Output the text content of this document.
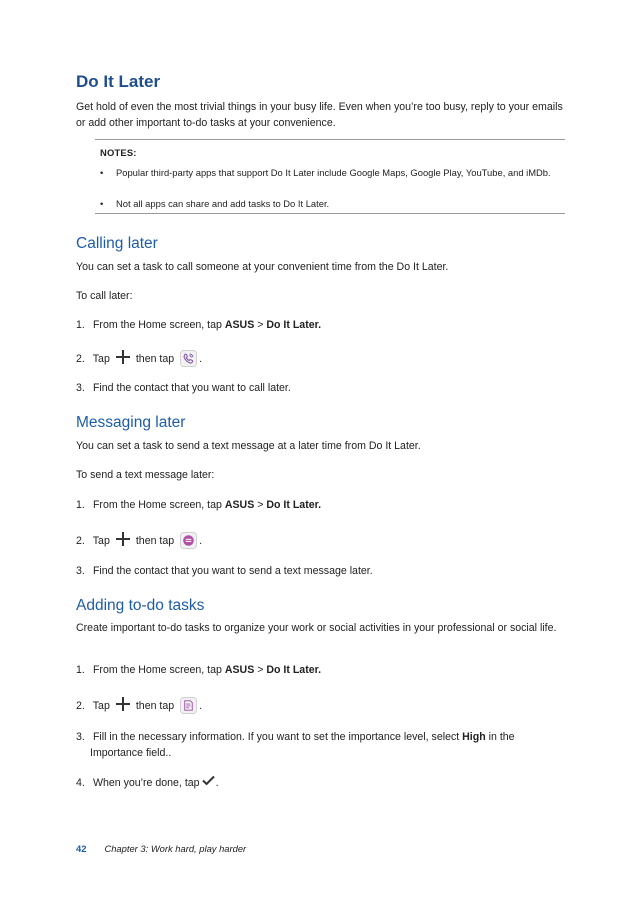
Do It Later
Get hold of even the most trivial things in your busy life. Even when you’re too busy, reply to your emails or add other important to-do tasks at your convenience.
NOTES:
• Popular third-party apps that support Do It Later include Google Maps, Google Play, YouTube, and iMDb.
• Not all apps can share and add tasks to Do It Later.
Calling later
You can set a task to call someone at your convenient time from the Do It Later.
To call later:
1. From the Home screen, tap ASUS > Do It Later.
2. Tap then tap .
3. Find the contact that you want to call later.
Messaging later
You can set a task to send a text message at a later time from Do It Later.
To send a text message later:
1. From the Home screen, tap ASUS > Do It Later.
2. Tap then tap .
3. Find the contact that you want to send a text message later.
Adding to-do tasks
Create important to-do tasks to organize your work or social activities in your professional or social life.
1. From the Home screen, tap ASUS > Do It Later.
2. Tap then tap .
3. Fill in the necessary information. If you want to set the importance level, select High in the
Importance field..
4. When you’re done, tap .
42 Chapter 3: Work hard, play harder
